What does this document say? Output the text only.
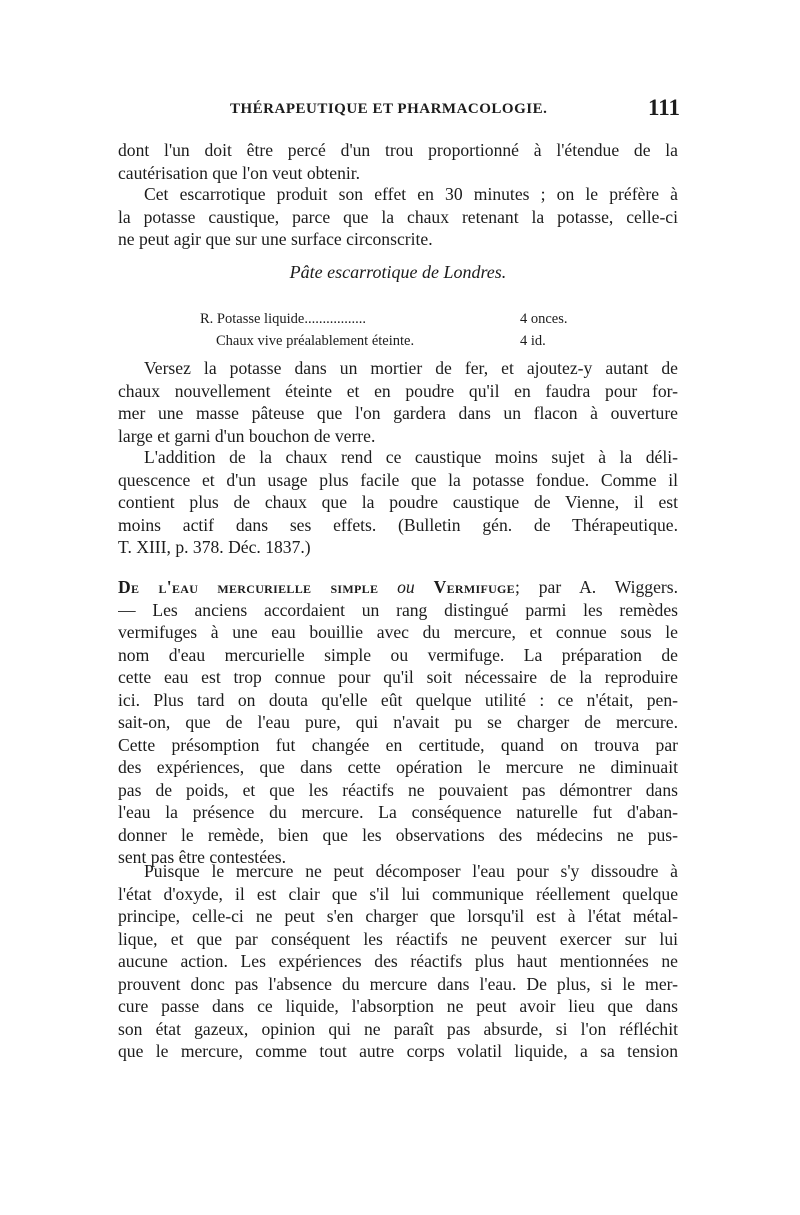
THÉRAPEUTIQUE ET PHARMACOLOGIE.	111
dont l'un doit être percé d'un trou proportionné à l'étendue de la
cautérisation que l'on veut obtenir.
Cet escarrotique produit son effet en 30 minutes ; on le préfère à
la potasse caustique, parce que la chaux retenant la potasse, celle-ci
ne peut agir que sur une surface circonscrite.
Pâte escarrotique de Londres.
R. Potasse liquide.................	4 onces.
Chaux vive préalablement éteinte.	4 id.
Versez la potasse dans un mortier de fer, et ajoutez-y autant de
chaux nouvellement éteinte et en poudre qu'il en faudra pour for-
mer une masse pâteuse que l'on gardera dans un flacon à ouverture
large et garni d'un bouchon de verre.
L'addition de la chaux rend ce caustique moins sujet à la déli-
quescence et d'un usage plus facile que la potasse fondue. Comme il
contient plus de chaux que la poudre caustique de Vienne, il est
moins actif dans ses effets. (Bulletin gén. de Thérapeutique.
T. XIII, p. 378. Déc. 1837.)
De l'eau mercurielle simple ou Vermifuge; par A. Wiggers.
— Les anciens accordaient un rang distingué parmi les remèdes
vermifuges à une eau bouillie avec du mercure, et connue sous le
nom d'eau mercurielle simple ou vermifuge. La préparation de
cette eau est trop connue pour qu'il soit nécessaire de la reproduire
ici. Plus tard on douta qu'elle eût quelque utilité : ce n'était, pen-
sait-on, que de l'eau pure, qui n'avait pu se charger de mercure.
Cette présomption fut changée en certitude, quand on trouva par
des expériences, que dans cette opération le mercure ne diminuait
pas de poids, et que les réactifs ne pouvaient pas démontrer dans
l'eau la présence du mercure. La conséquence naturelle fut d'aban-
donner le remède, bien que les observations des médecins ne pus-
sent pas être contestées.
Puisque le mercure ne peut décomposer l'eau pour s'y dissoudre à
l'état d'oxyde, il est clair que s'il lui communique réellement quelque
principe, celle-ci ne peut s'en charger que lorsqu'il est à l'état métal-
lique, et que par conséquent les réactifs ne peuvent exercer sur lui
aucune action. Les expériences des réactifs plus haut mentionnées ne
prouvent donc pas l'absence du mercure dans l'eau. De plus, si le mer-
cure passe dans ce liquide, l'absorption ne peut avoir lieu que dans
son état gazeux, opinion qui ne paraît pas absurde, si l'on réfléchit
que le mercure, comme tout autre corps volatil liquide, a sa tension
